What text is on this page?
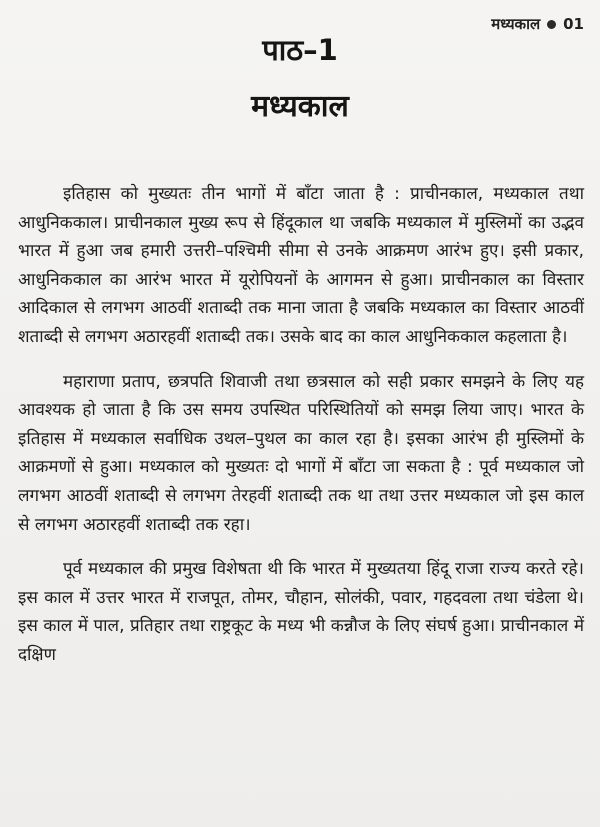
मध्यकाल 01
पाठ–1
मध्यकाल

इतिहास को मुख्यतः तीन भागों में बाँटा जाता है : प्राचीनकाल, मध्यकाल तथा आधुनिककाल। प्राचीनकाल मुख्य रूप से हिंदूकाल था जबकि मध्यकाल में मुस्लिमों का उद्भव भारत में हुआ जब हमारी उत्तरी–पश्चिमी सीमा से उनके आक्रमण आरंभ हुए। इसी प्रकार, आधुनिककाल का आरंभ भारत में यूरोपियनों के आगमन से हुआ। प्राचीनकाल का विस्तार आदिकाल से लगभग आठवीं शताब्दी तक माना जाता है जबकि मध्यकाल का विस्तार आठवीं शताब्दी से लगभग अठारहवीं शताब्दी तक। उसके बाद का काल आधुनिककाल कहलाता है।

महाराणा प्रताप, छत्रपति शिवाजी तथा छत्रसाल को सही प्रकार समझने के लिए यह आवश्यक हो जाता है कि उस समय उपस्थित परिस्थितियों को समझ लिया जाए। भारत के इतिहास में मध्यकाल सर्वाधिक उथल–पुथल का काल रहा है। इसका आरंभ ही मुस्लिमों के आक्रमणों से हुआ। मध्यकाल को मुख्यतः दो भागों में बाँटा जा सकता है : पूर्व मध्यकाल जो लगभग आठवीं शताब्दी से लगभग तेरहवीं शताब्दी तक था तथा उत्तर मध्यकाल जो इस काल से लगभग अठारहवीं शताब्दी तक रहा।

पूर्व मध्यकाल की प्रमुख विशेषता थी कि भारत में मुख्यतया हिंदू राजा राज्य करते रहे। इस काल में उत्तर भारत में राजपूत, तोमर, चौहान, सोलंकी, पवार, गहदवला तथा चंडेला थे। इस काल में पाल, प्रतिहार तथा राष्ट्रकूट के मध्य भी कन्नौज के लिए संघर्ष हुआ। प्राचीनकाल में दक्षिण
